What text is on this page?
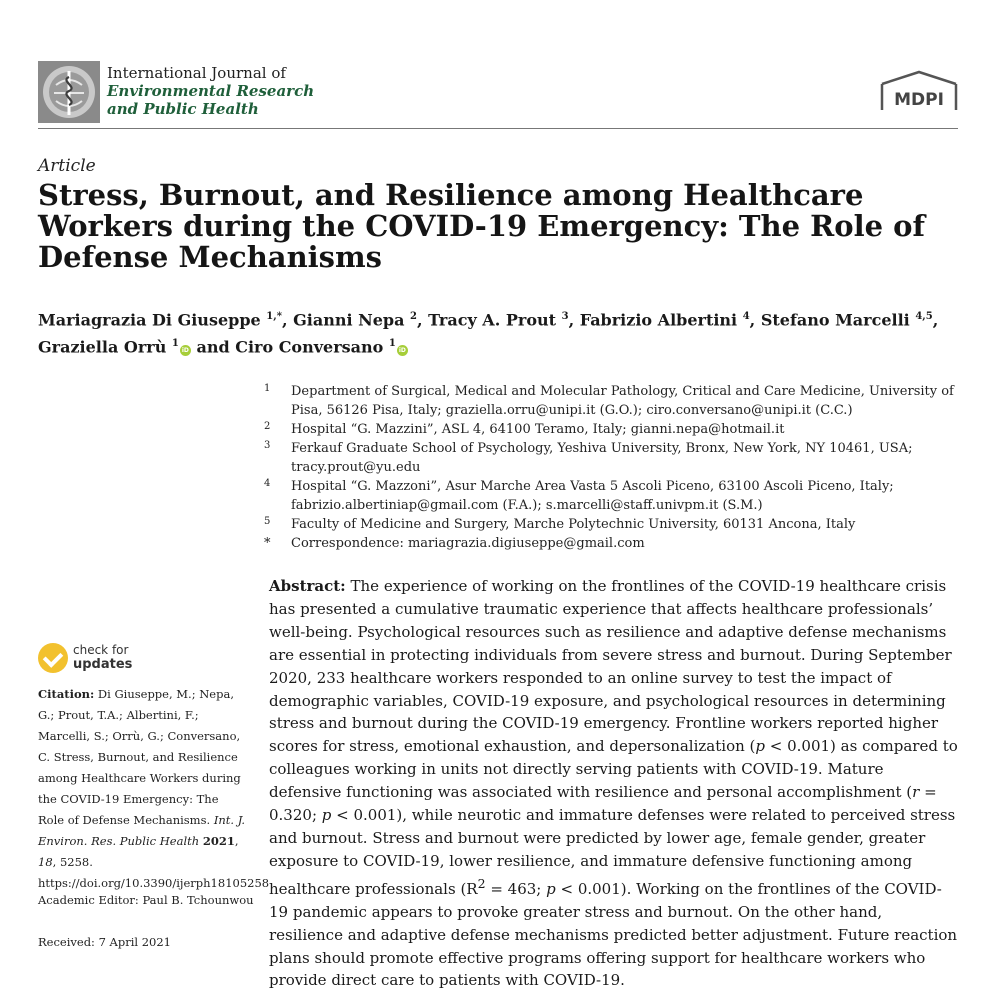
International Journal of
Environmental Research
and Public Health	MDPI
Article
Stress, Burnout, and Resilience among Healthcare Workers during the COVID-19 Emergency: The Role of Defense Mechanisms
Mariagrazia Di Giuseppe $^{1,*}$, Gianni Nepa $^2$, Tracy A. Prout $^3$, Fabrizio Albertini $^4$, Stefano Marcelli $^{4,5}$,
Graziella Orrù $^1$iD and Ciro Conversano $^1$iD
1 Department of Surgical, Medical and Molecular Pathology, Critical and Care Medicine, University of Pisa, 56126 Pisa, Italy; graziella.orru@unipi.it (G.O.); ciro.conversano@unipi.it (C.C.)
2 Hospital “G. Mazzini”, ASL 4, 64100 Teramo, Italy; gianni.nepa@hotmail.it
3 Ferkauf Graduate School of Psychology, Yeshiva University, Bronx, New York, NY 10461, USA; tracy.prout@yu.edu
4 Hospital “G. Mazzoni”, Asur Marche Area Vasta 5 Ascoli Piceno, 63100 Ascoli Piceno, Italy; fabrizio.albertiniap@gmail.com (F.A.); s.marcelli@staff.univpm.it (S.M.)
5 Faculty of Medicine and Surgery, Marche Polytechnic University, 60131 Ancona, Italy
* Correspondence: mariagrazia.digiuseppe@gmail.com
check for
updates
Citation: Di Giuseppe, M.; Nepa, G.; Prout, T.A.; Albertini, F.; Marcelli, S.; Orrù, G.; Conversano, C. Stress, Burnout, and Resilience among Healthcare Workers during the COVID-19 Emergency: The Role of Defense Mechanisms. Int. J. Environ. Res. Public Health 2021, 18, 5258. https://doi.org/10.3390/ijerph18105258
Academic Editor: Paul B. Tchounwou
Received: 7 April 2021

Abstract: The experience of working on the frontlines of the COVID-19 healthcare crisis has presented a cumulative traumatic experience that affects healthcare professionals’ well-being. Psychological resources such as resilience and adaptive defense mechanisms are essential in protecting individuals from severe stress and burnout. During September 2020, 233 healthcare workers responded to an online survey to test the impact of demographic variables, COVID-19 exposure, and psychological resources in determining stress and burnout during the COVID-19 emergency. Frontline workers reported higher scores for stress, emotional exhaustion, and depersonalization (p < 0.001) as compared to colleagues working in units not directly serving patients with COVID-19. Mature defensive functioning was associated with resilience and personal accomplishment (r = 0.320; p < 0.001), while neurotic and immature defenses were related to perceived stress and burnout. Stress and burnout were predicted by lower age, female gender, greater exposure to COVID-19, lower resilience, and immature defensive functioning among healthcare professionals ($R^2 = 463$; p < 0.001). Working on the frontlines of the COVID-19 pandemic appears to provoke greater stress and burnout. On the other hand, resilience and adaptive defense mechanisms predicted better adjustment. Future reaction plans should promote effective programs offering support for healthcare workers who provide direct care to patients with COVID-19.
